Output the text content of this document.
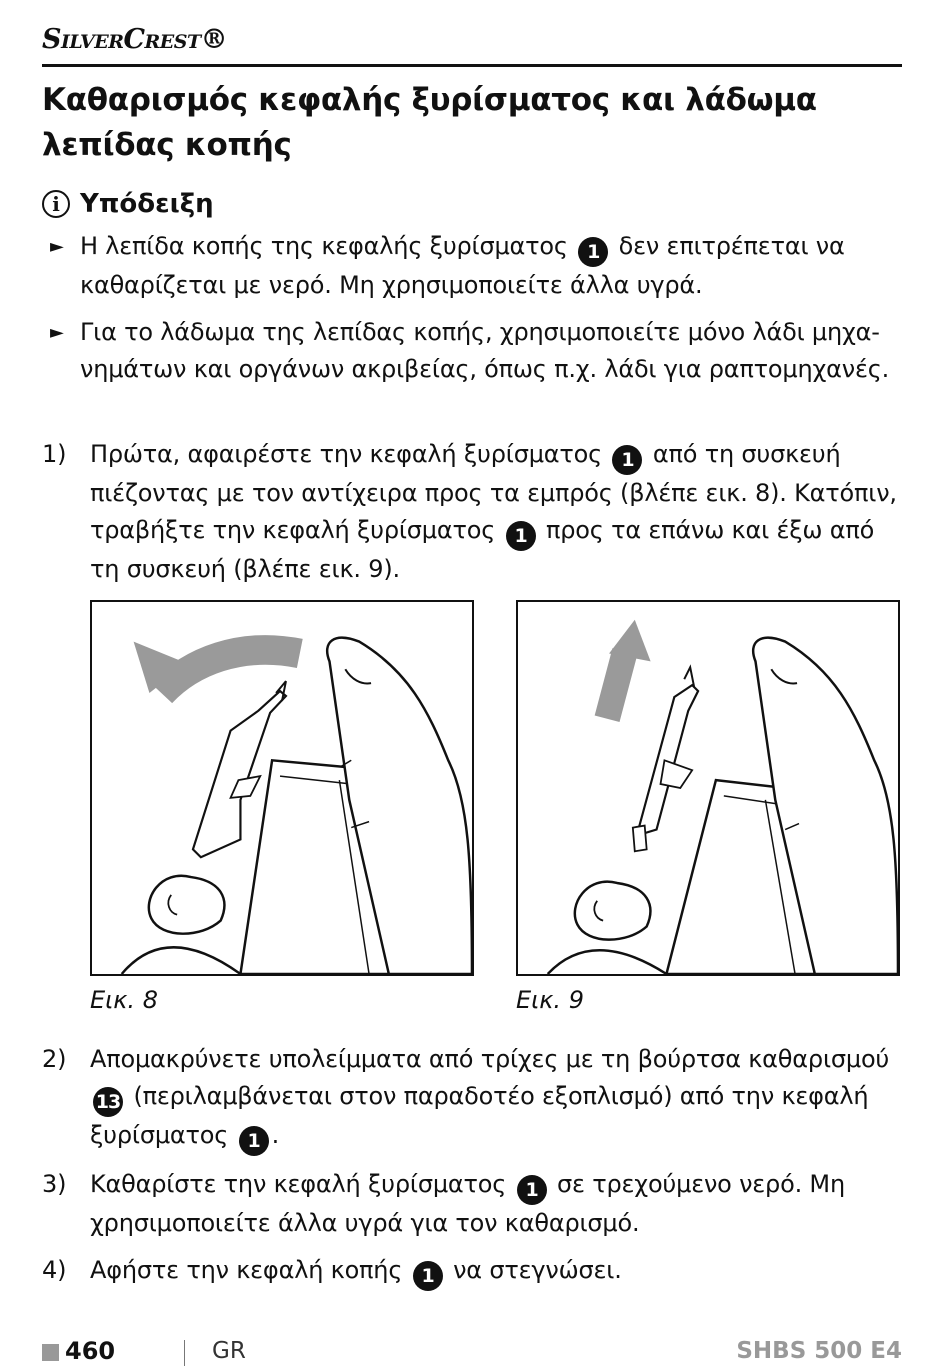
SilverCrest®
Καθαρισμός κεφαλής ξυρίσματος και λάδωμα λεπίδας κοπής
i Υπόδειξη
► Η λεπίδα κοπής της κεφαλής ξυρίσματος 1 δεν επιτρέπεται να καθαρίζεται με νερό. Μη χρησιμοποιείτε άλλα υγρά.
► Για το λάδωμα της λεπίδας κοπής, χρησιμοποιείτε μόνο λάδι μηχα-νημάτων και οργάνων ακριβείας, όπως π.χ. λάδι για ραπτομηχανές.
1) Πρώτα, αφαιρέστε την κεφαλή ξυρίσματος 1 από τη συσκευή πιέζοντας με τον αντίχειρα προς τα εμπρός (βλέπε εικ. 8). Κατόπιν, τραβήξτε την κεφαλή ξυρίσματος 1 προς τα επάνω και έξω από τη συσκευή (βλέπε εικ. 9).
Εικ. 8	Εικ. 9
2) Απομακρύνετε υπολείμματα από τρίχες με τη βούρτσα καθαρισμού 13 (περιλαμβάνεται στον παραδοτέο εξοπλισμό) από την κεφαλή ξυρίσματος 1 .
3) Καθαρίστε την κεφαλή ξυρίσματος 1 σε τρεχούμενο νερό. Μη χρησιμοποιείτε άλλα υγρά για τον καθαρισμό.
4) Αφήστε την κεφαλή κοπής 1 να στεγνώσει.
460	GR	SHBS 500 E4
